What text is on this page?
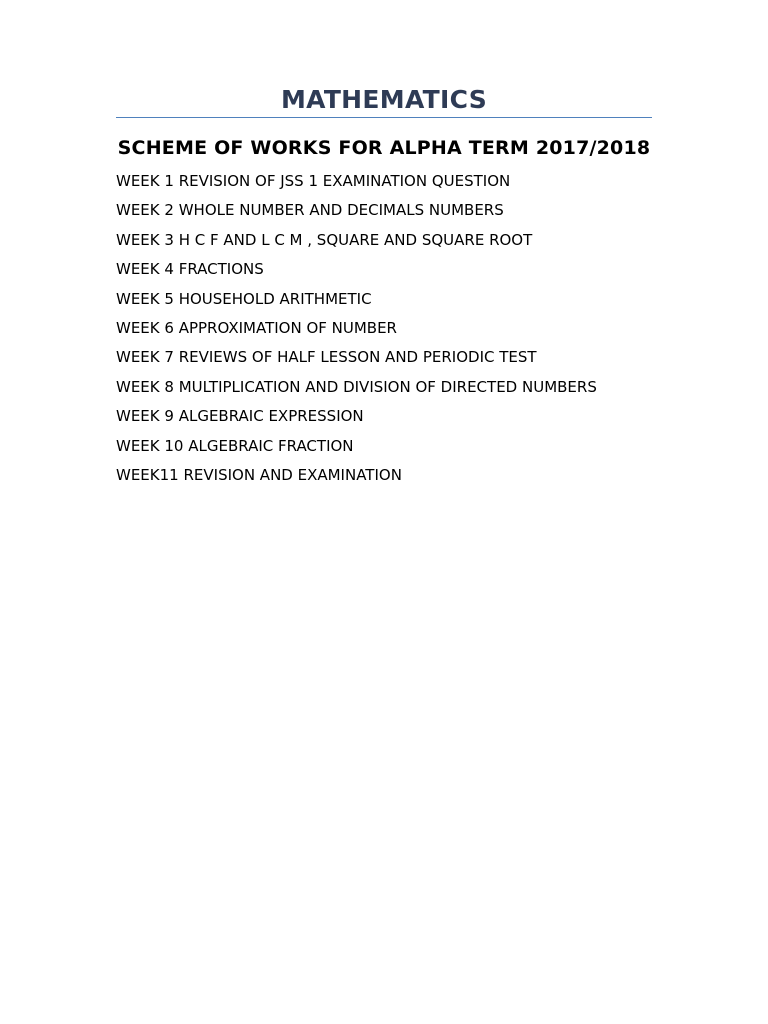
MATHEMATICS
SCHEME OF WORKS FOR ALPHA TERM 2017/2018
WEEK 1 REVISION OF JSS 1 EXAMINATION QUESTION
WEEK 2 WHOLE NUMBER AND DECIMALS NUMBERS
WEEK 3 H C F AND L C M , SQUARE AND SQUARE ROOT
WEEK 4 FRACTIONS
WEEK 5 HOUSEHOLD ARITHMETIC
WEEK 6 APPROXIMATION OF NUMBER
WEEK 7 REVIEWS OF HALF LESSON AND PERIODIC TEST
WEEK 8 MULTIPLICATION AND DIVISION OF DIRECTED NUMBERS
WEEK 9 ALGEBRAIC EXPRESSION
WEEK 10 ALGEBRAIC FRACTION
WEEK11 REVISION AND EXAMINATION
